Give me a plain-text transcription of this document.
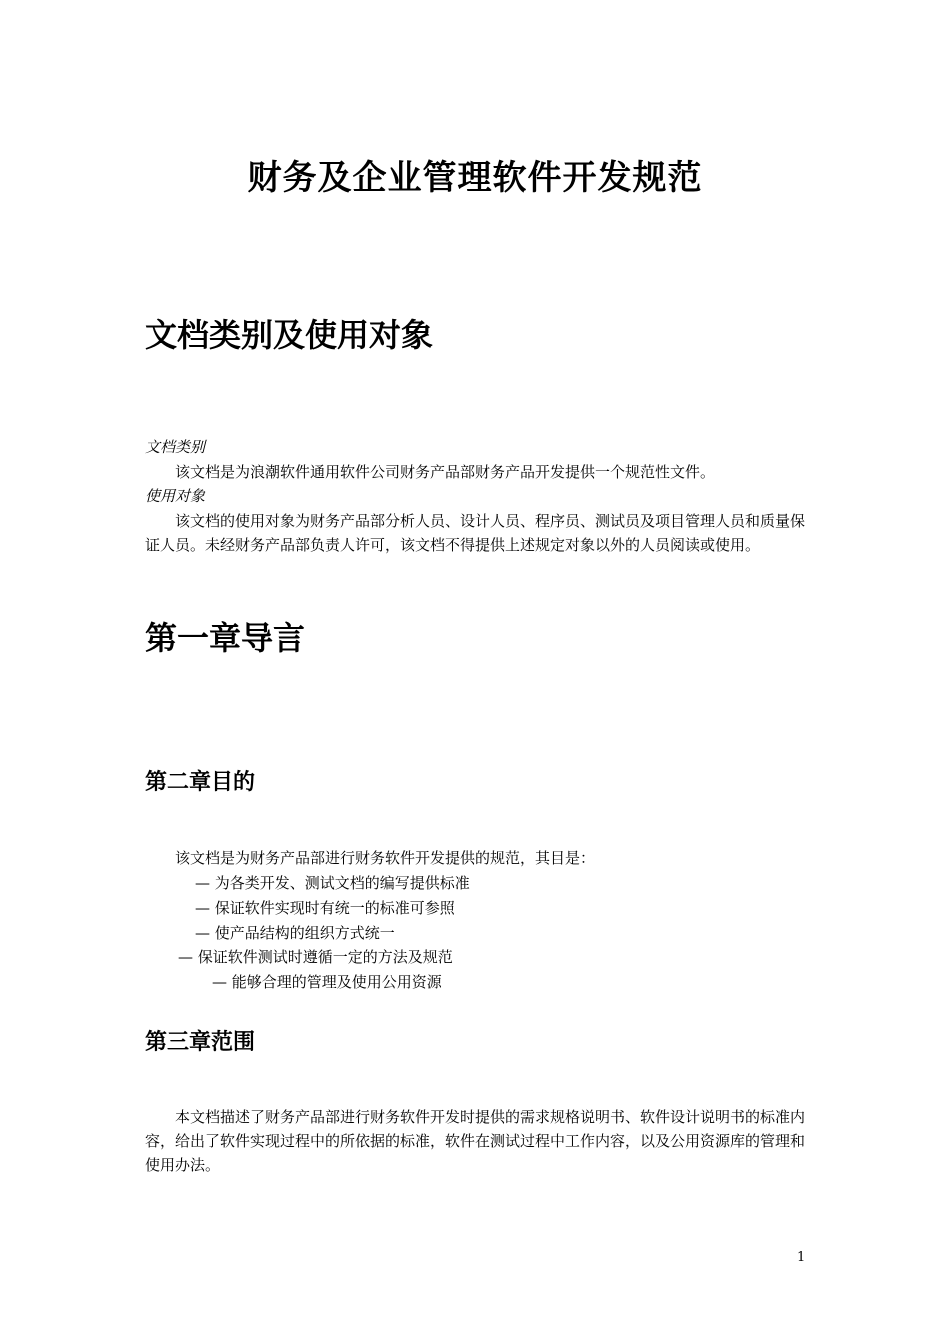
财务及企业管理软件开发规范
文档类别及使用对象
文档类别

该文档是为浪潮软件通用软件公司财务产品部财务产品开发提供一个规范性文件。

使用对象

该文档的使用对象为财务产品部分析人员、设计人员、程序员、测试员及项目管理人员和质量保证人员。未经财务产品部负责人许可，该文档不得提供上述规定对象以外的人员阅读或使用。

第一章导言
第二章目的

该文档是为财务产品部进行财务软件开发提供的规范，其目是：

— 为各类开发、测试文档的编写提供标准
— 保证软件实现时有统一的标准可参照
— 使产品结构的组织方式统一
— 保证软件测试时遵循一定的方法及规范
— 能够合理的管理及使用公用资源
第三章范围

本文档描述了财务产品部进行财务软件开发时提供的需求规格说明书、软件设计说明书的标准内容，给出了软件实现过程中的所依据的标准，软件在测试过程中工作内容，以及公用资源库的管理和使用办法。

1
